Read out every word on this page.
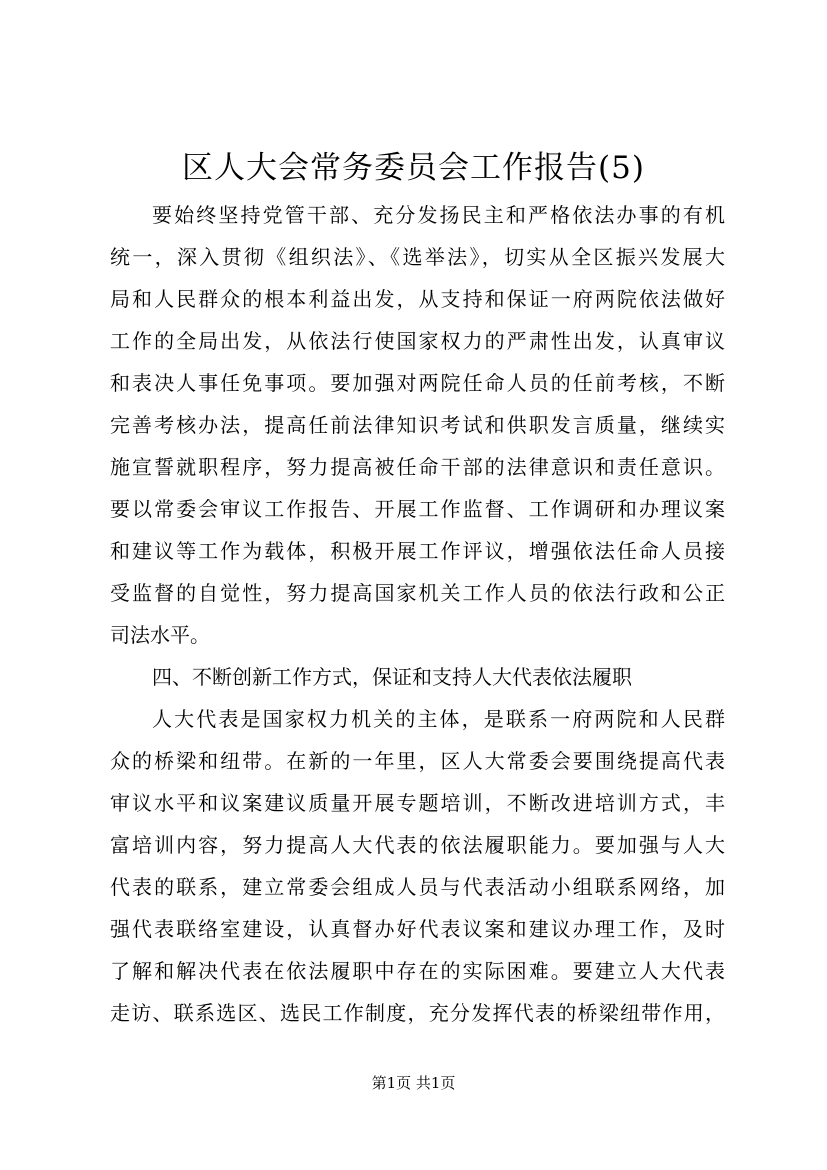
区人大会常务委员会工作报告(5)
要始终坚持党管干部、充分发扬民主和严格依法办事的有机
统一，深入贯彻《组织法》、《选举法》，切实从全区振兴发展大
局和人民群众的根本利益出发，从支持和保证一府两院依法做好
工作的全局出发，从依法行使国家权力的严肃性出发，认真审议
和表决人事任免事项。要加强对两院任命人员的任前考核，不断
完善考核办法，提高任前法律知识考试和供职发言质量，继续实
施宣誓就职程序，努力提高被任命干部的法律意识和责任意识。
要以常委会审议工作报告、开展工作监督、工作调研和办理议案
和建议等工作为载体，积极开展工作评议，增强依法任命人员接
受监督的自觉性，努力提高国家机关工作人员的依法行政和公正
司法水平。
四、不断创新工作方式，保证和支持人大代表依法履职
人大代表是国家权力机关的主体，是联系一府两院和人民群
众的桥梁和纽带。在新的一年里，区人大常委会要围绕提高代表
审议水平和议案建议质量开展专题培训，不断改进培训方式，丰
富培训内容，努力提高人大代表的依法履职能力。要加强与人大
代表的联系，建立常委会组成人员与代表活动小组联系网络，加
强代表联络室建设，认真督办好代表议案和建议办理工作，及时
了解和解决代表在依法履职中存在的实际困难。要建立人大代表
走访、联系选区、选民工作制度，充分发挥代表的桥梁纽带作用，
第1页 共1页
